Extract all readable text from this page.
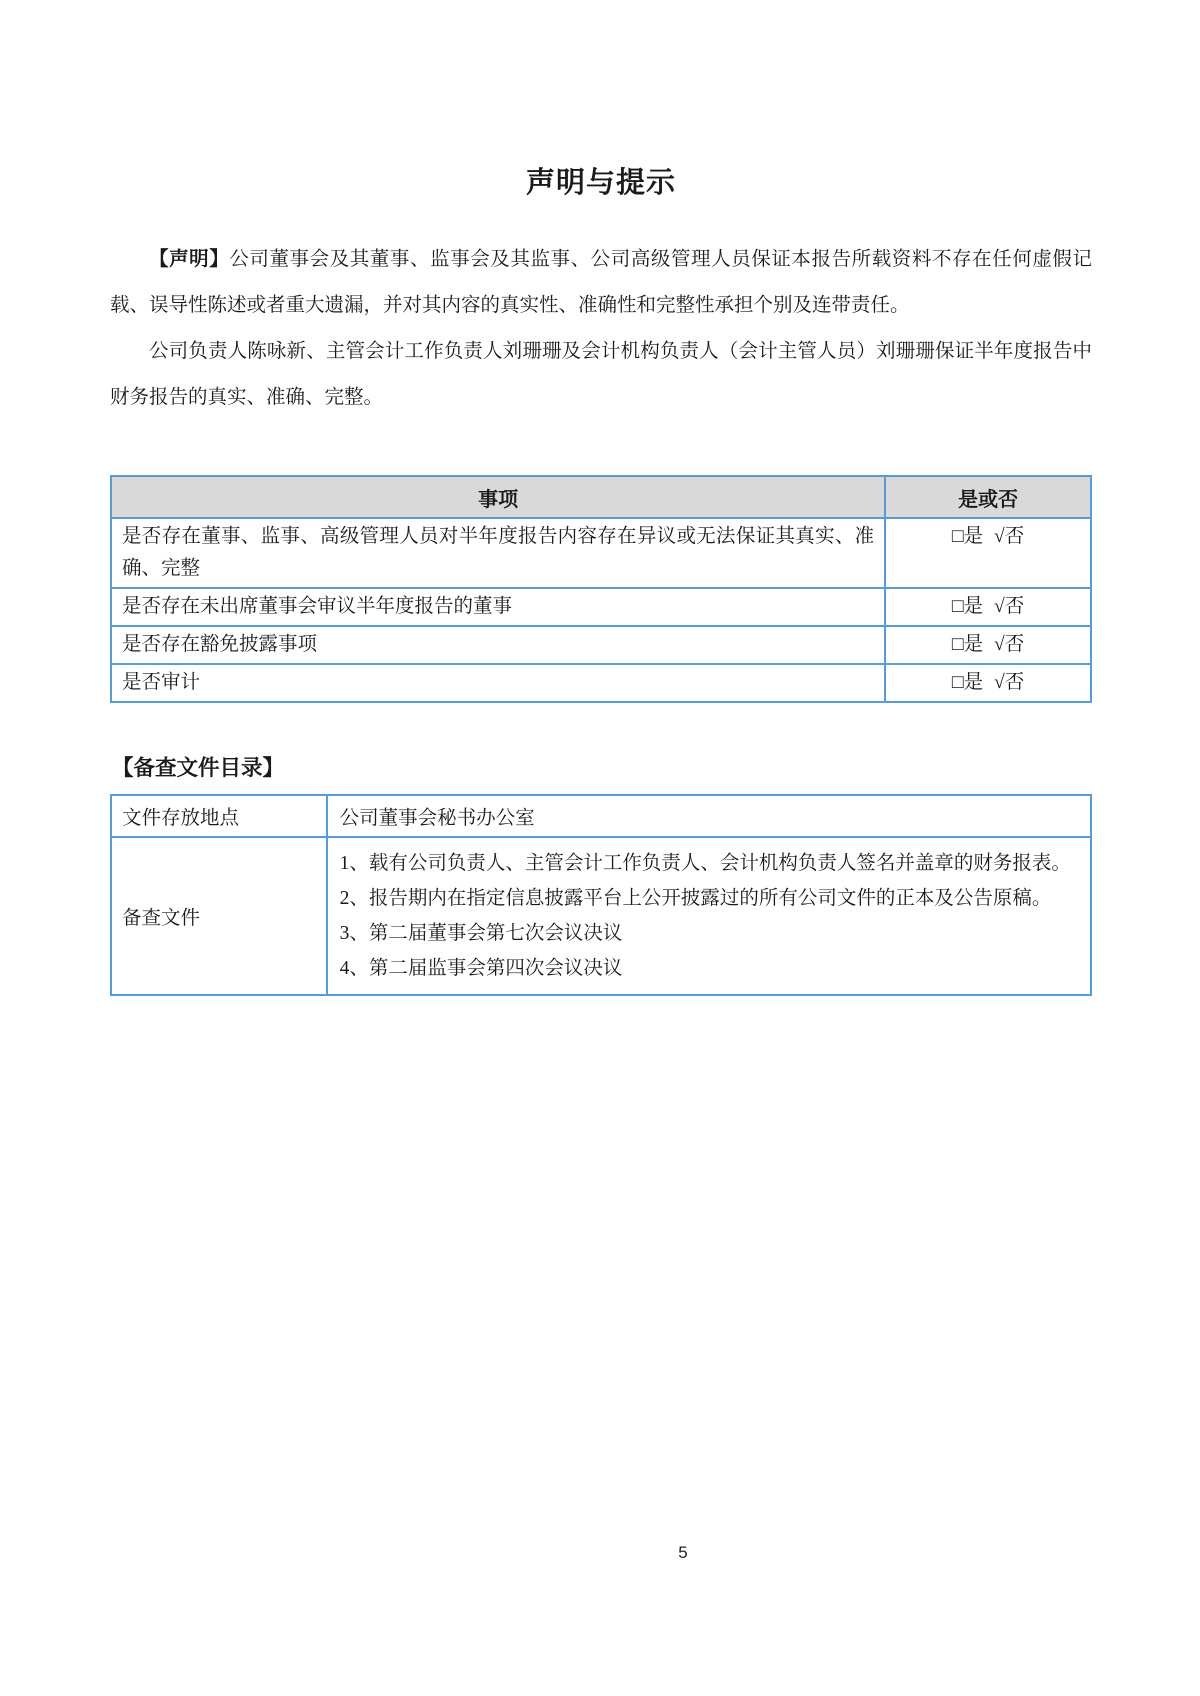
声明与提示

【声明】公司董事会及其董事、监事会及其监事、公司高级管理人员保证本报告所载资料不存在任何虚假记载、误导性陈述或者重大遗漏，并对其内容的真实性、准确性和完整性承担个别及连带责任。

公司负责人陈咏新、主管会计工作负责人刘珊珊及会计机构负责人（会计主管人员）刘珊珊保证半年度报告中财务报告的真实、准确、完整。

事项	是或否
是否存在董事、监事、高级管理人员对半年度报告内容存在异议或无法保证其真实、准确、完整	□是 √否
是否存在未出席董事会审议半年度报告的董事	□是 √否
是否存在豁免披露事项	□是 √否
是否审计	□是 √否
【备查文件目录】
文件存放地点	公司董事会秘书办公室
备查文件	1、载有公司负责人、主管会计工作负责人、会计机构负责人签名并盖章的财务报表。
2、报告期内在指定信息披露平台上公开披露过的所有公司文件的正本及公告原稿。
3、第二届董事会第七次会议决议
4、第二届监事会第四次会议决议
5
